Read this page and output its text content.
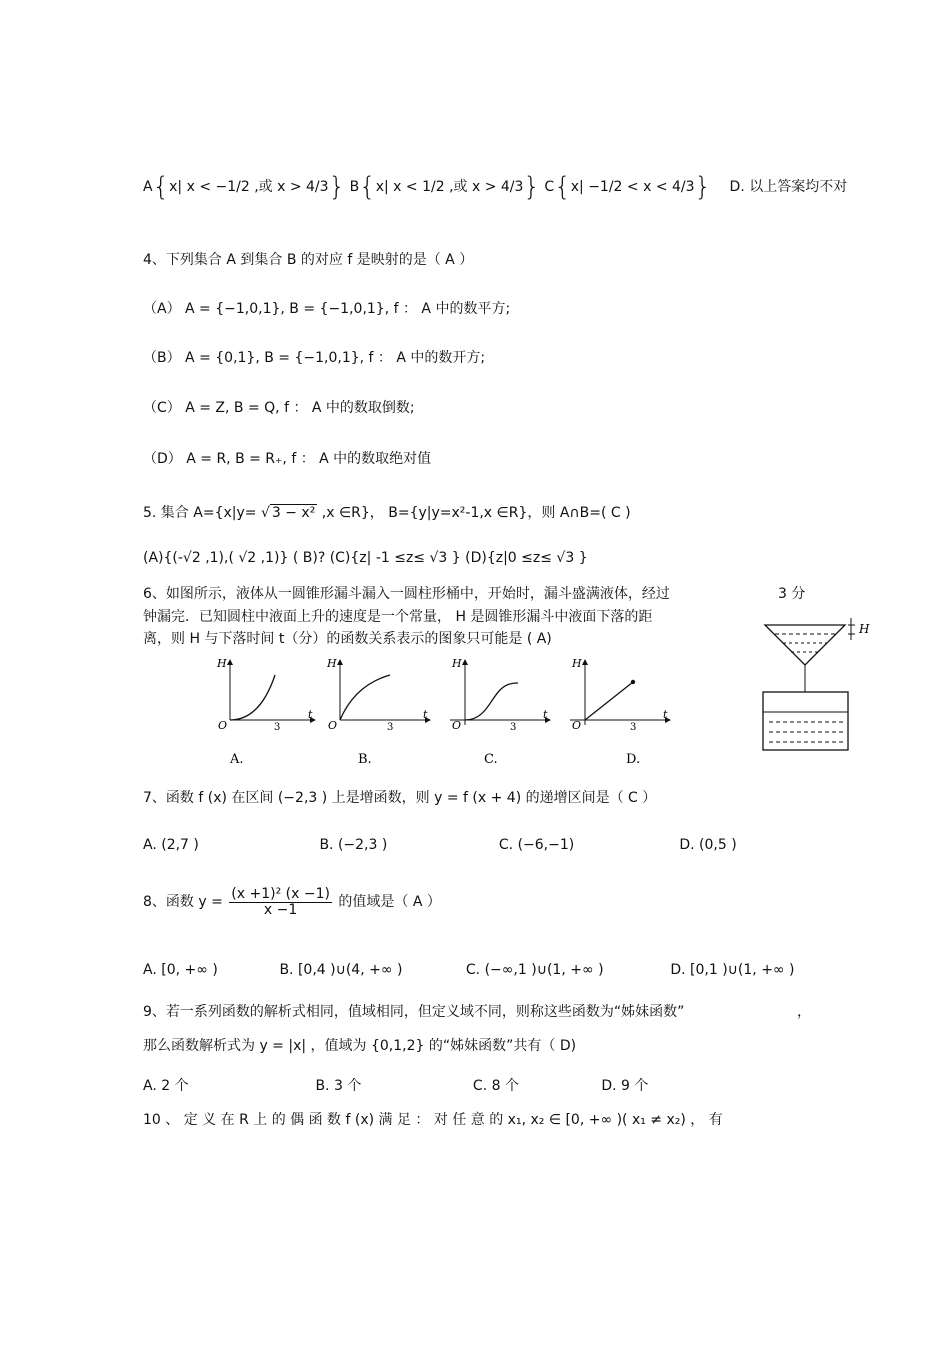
A{x| x < −1/2 ,或 x > 4/3} B{x| x < 1/2 ,或 x > 4/3} C{x| −1/2 < x < 4/3} D. 以上答案均不对
4、下列集合 A 到集合 B 的对应 f 是映射的是（ A ）
（A） A = {−1,0,1}, B = {−1,0,1}, f ： A 中的数平方;
（B） A = {0,1}, B = {−1,0,1}, f ： A 中的数开方;
（C） A = Z, B = Q, f ： A 中的数取倒数;
（D） A = R, B = R₊, f ： A 中的数取绝对值
5. 集合 A={x|y= √ 3 − x² ,x ∈R}， B={y|y=x²-1,x ∈R}，则 A∩B=( C )
(A){(-√2 ,1),( √2 ,1)} ( B)? (C){z| -1 ≤z≤ √3 } (D){z|0 ≤z≤ √3 }
6、如图所示，液体从一圆锥形漏斗漏入一圆柱形桶中，开始时，漏斗盛满液体，经过	3 分
钟漏完．已知圆柱中液面上升的速度是一个常量， H 是圆锥形漏斗中液面下落的距
离，则 H 与下落时间 t（分）的函数关系表示的图象只可能是 ( A)
H
t
O	3
A.
H
t
O	3
B.
H
t
O	3
C.
H
t
O	3
D.
H
7、函数 f (x) 在区间 (−2,3 ) 上是增函数，则 y = f (x + 4) 的递增区间是（ C ）
A. (2,7 )	B. (−2,3 )	C. (−6,−1)	D. (0,5 )
8、函数 $y = \frac{\text{(x +1)² (x −1)}}{x -1}$ 的值域是（ A ）
A. [0, +∞ )	B. [0,4 )∪(4, +∞ )	C. (−∞,1 )∪(1, +∞ )	D. [0,1 )∪(1, +∞ )
9、若一系列函数的解析式相同，值域相同，但定义域不同，则称这些函数为“姊妹函数”	，
那么函数解析式为 y = |x| ，值域为 {0,1,2} 的“姊妹函数”共有（ D)
A. 2 个	B. 3 个	C. 8 个	D. 9 个
10 、 定 义 在 R 上 的 偶 函 数 f (x) 满 足 ： 对 任 意 的 x₁, x₂ ∈ [0, +∞ )( x₁ ≠ x₂) ， 有
